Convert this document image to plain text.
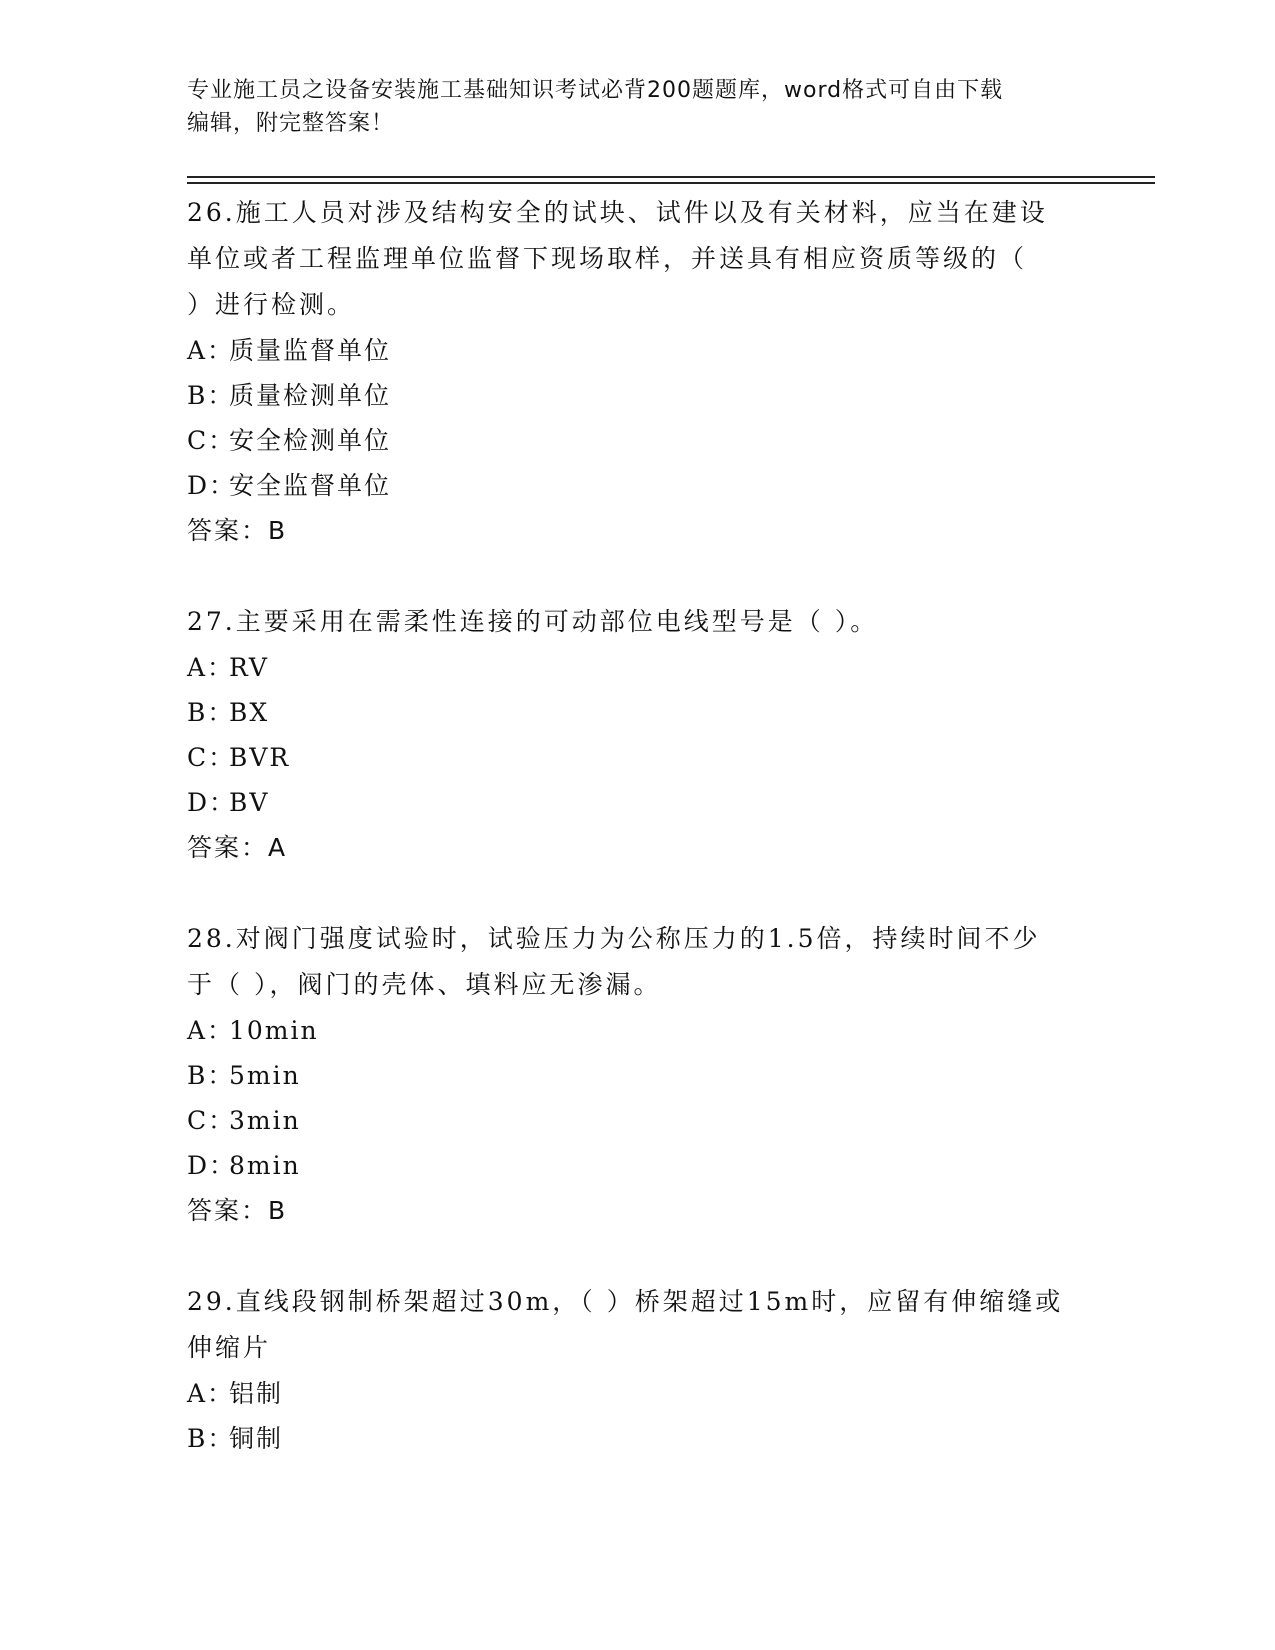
专业施工员之设备安装施工基础知识考试必背200题题库，word格式可自由下载
编辑，附完整答案！

26.施工人员对涉及结构安全的试块、试件以及有关材料，应当在建设

单位或者工程监理单位监督下现场取样，并送具有相应资质等级的（

）进行检测。

A：质量监督单位

B：质量检测单位

C：安全检测单位

D：安全监督单位

答案：B

27.主要采用在需柔性连接的可动部位电线型号是（ ）。

A：RV

B：BX

C：BVR

D：BV

答案：A

28.对阀门强度试验时，试验压力为公称压力的1.5倍，持续时间不少

于（ ），阀门的壳体、填料应无渗漏。

A：10min

B：5min

C：3min

D：8min

答案：B

29.直线段钢制桥架超过30m，（ ）桥架超过15m时，应留有伸缩缝或

伸缩片

A：铝制

B：铜制
